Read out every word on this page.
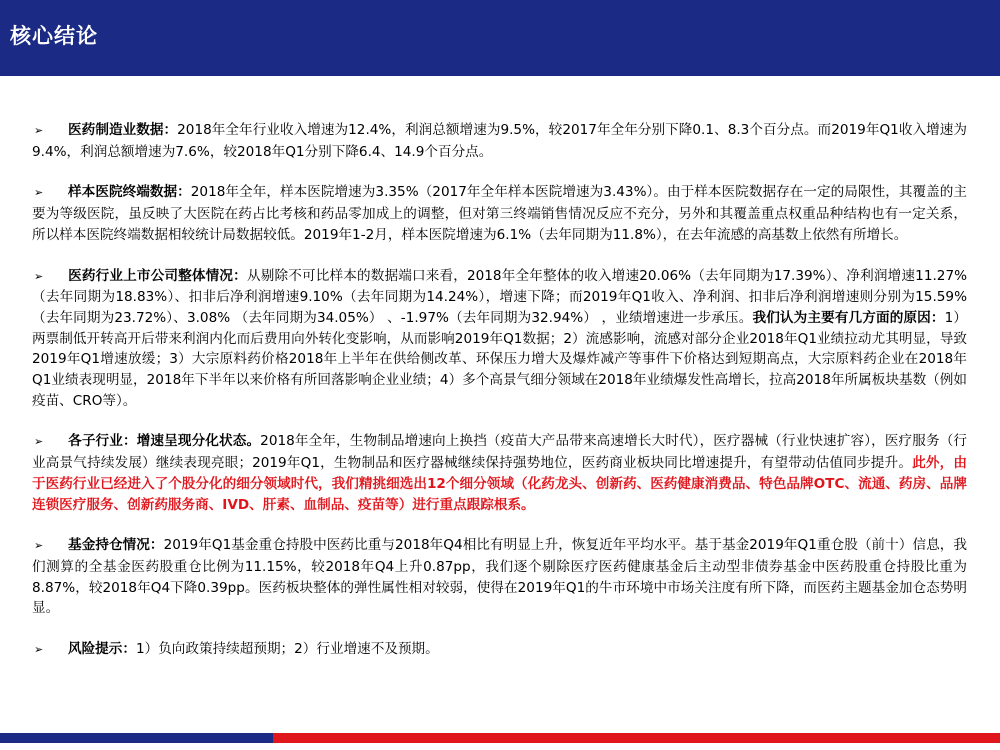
核心结论

➢ 医药制造业数据：2018年全年行业收入增速为12.4%，利润总额增速为9.5%，较2017年全年分别下降0.1、8.3个百分点。而2019年Q1收入增速为9.4%，利润总额增速为7.6%，较2018年Q1分别下降6.4、14.9个百分点。

➢ 样本医院终端数据：2018年全年，样本医院增速为3.35%（2017年全年样本医院增速为3.43%）。由于样本医院数据存在一定的局限性，其覆盖的主要为等级医院，虽反映了大医院在药占比考核和药品零加成上的调整，但对第三终端销售情况反应不充分，另外和其覆盖重点权重品种结构也有一定关系，所以样本医院终端数据相较统计局数据较低。2019年1-2月，样本医院增速为6.1%（去年同期为11.8%），在去年流感的高基数上依然有所增长。

➢ 医药行业上市公司整体情况：从剔除不可比样本的数据端口来看，2018年全年整体的收入增速20.06%（去年同期为17.39%）、净利润增速11.27%（去年同期为18.83%）、扣非后净利润增速9.10%（去年同期为14.24%），增速下降；而2019年Q1收入、净利润、扣非后净利润增速则分别为15.59%（去年同期为23.72%）、3.08% （去年同期为34.05%） 、-1.97%（去年同期为32.94%） ，业绩增速进一步承压。我们认为主要有几方面的原因：1）两票制低开转高开后带来利润内化而后费用向外转化变影响，从而影响2019年Q1数据；2）流感影响，流感对部分企业2018年Q1业绩拉动尤其明显，导致2019年Q1增速放缓；3）大宗原料药价格2018年上半年在供给侧改革、环保压力增大及爆炸减产等事件下价格达到短期高点，大宗原料药企业在2018年Q1业绩表现明显，2018年下半年以来价格有所回落影响企业业绩；4）多个高景气细分领域在2018年业绩爆发性高增长，拉高2018年所属板块基数（例如疫苗、CRO等）。

➢ 各子行业：增速呈现分化状态。2018年全年，生物制品增速向上换挡（疫苗大产品带来高速增长大时代），医疗器械（行业快速扩容），医疗服务（行业高景气持续发展）继续表现亮眼；2019年Q1，生物制品和医疗器械继续保持强势地位，医药商业板块同比增速提升，有望带动估值同步提升。此外，由于医药行业已经进入了个股分化的细分领域时代，我们精挑细选出12个细分领域（化药龙头、创新药、医药健康消费品、特色品牌OTC、流通、药房、品牌连锁医疗服务、创新药服务商、IVD、肝素、血制品、疫苗等）进行重点跟踪根系。

➢ 基金持仓情况：2019年Q1基金重仓持股中医药比重与2018年Q4相比有明显上升，恢复近年平均水平。基于基金2019年Q1重仓股（前十）信息，我们测算的全基金医药股重仓比例为11.15%，较2018年Q4上升0.87pp，我们逐个剔除医疗医药健康基金后主动型非债券基金中医药股重仓持股比重为8.87%，较2018年Q4下降0.39pp。医药板块整体的弹性属性相对较弱，使得在2019年Q1的牛市环境中市场关注度有所下降，而医药主题基金加仓态势明显。

➢ 风险提示：1）负向政策持续超预期；2）行业增速不及预期。
